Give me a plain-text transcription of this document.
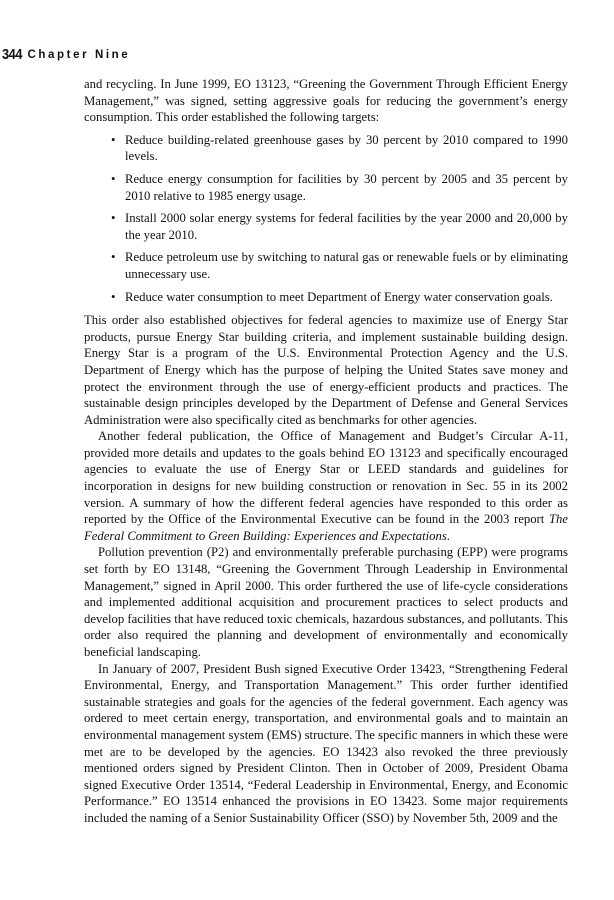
344 Chapter Nine

and recycling. In June 1999, EO 13123, “Greening the Government Through Efficient Energy Management,” was signed, setting aggressive goals for reducing the government’s energy consumption. This order established the following targets:

• Reduce building-related greenhouse gases by 30 percent by 2010 compared to 1990 levels.
• Reduce energy consumption for facilities by 30 percent by 2005 and 35 percent by 2010 relative to 1985 energy usage.
• Install 2000 solar energy systems for federal facilities by the year 2000 and 20,000 by the year 2010.
• Reduce petroleum use by switching to natural gas or renewable fuels or by eliminating unnecessary use.
• Reduce water consumption to meet Department of Energy water conservation goals.

This order also established objectives for federal agencies to maximize use of Energy Star products, pursue Energy Star building criteria, and implement sustainable building design. Energy Star is a program of the U.S. Environmental Protection Agency and the U.S. Department of Energy which has the purpose of helping the United States save money and protect the environment through the use of energy-efficient products and practices. The sustainable design principles developed by the Department of Defense and General Services Administration were also specifically cited as benchmarks for other agencies.

Another federal publication, the Office of Management and Budget’s Circular A-11, provided more details and updates to the goals behind EO 13123 and specifically encouraged agencies to evaluate the use of Energy Star or LEED standards and guidelines for incorporation in designs for new building construction or renovation in Sec. 55 in its 2002 version. A summary of how the different federal agencies have responded to this order as reported by the Office of the Environmental Executive can be found in the 2003 report The Federal Commitment to Green Building: Experiences and Expectations.

Pollution prevention (P2) and environmentally preferable purchasing (EPP) were programs set forth by EO 13148, “Greening the Government Through Leadership in Environmental Management,” signed in April 2000. This order furthered the use of life-cycle considerations and implemented additional acquisition and procurement practices to select products and develop facilities that have reduced toxic chemicals, hazardous substances, and pollutants. This order also required the planning and development of environmentally and economically beneficial landscaping.

In January of 2007, President Bush signed Executive Order 13423, “Strengthening Federal Environmental, Energy, and Transportation Management.” This order further identified sustainable strategies and goals for the agencies of the federal government. Each agency was ordered to meet certain energy, transportation, and environmental goals and to maintain an environmental management system (EMS) structure. The specific manners in which these were met are to be developed by the agencies. EO 13423 also revoked the three previously mentioned orders signed by President Clinton. Then in October of 2009, President Obama signed Executive Order 13514, “Federal Leadership in Environmental, Energy, and Economic Performance.” EO 13514 enhanced the provisions in EO 13423. Some major requirements included the naming of a Senior Sustainability Officer (SSO) by November 5th, 2009 and the
